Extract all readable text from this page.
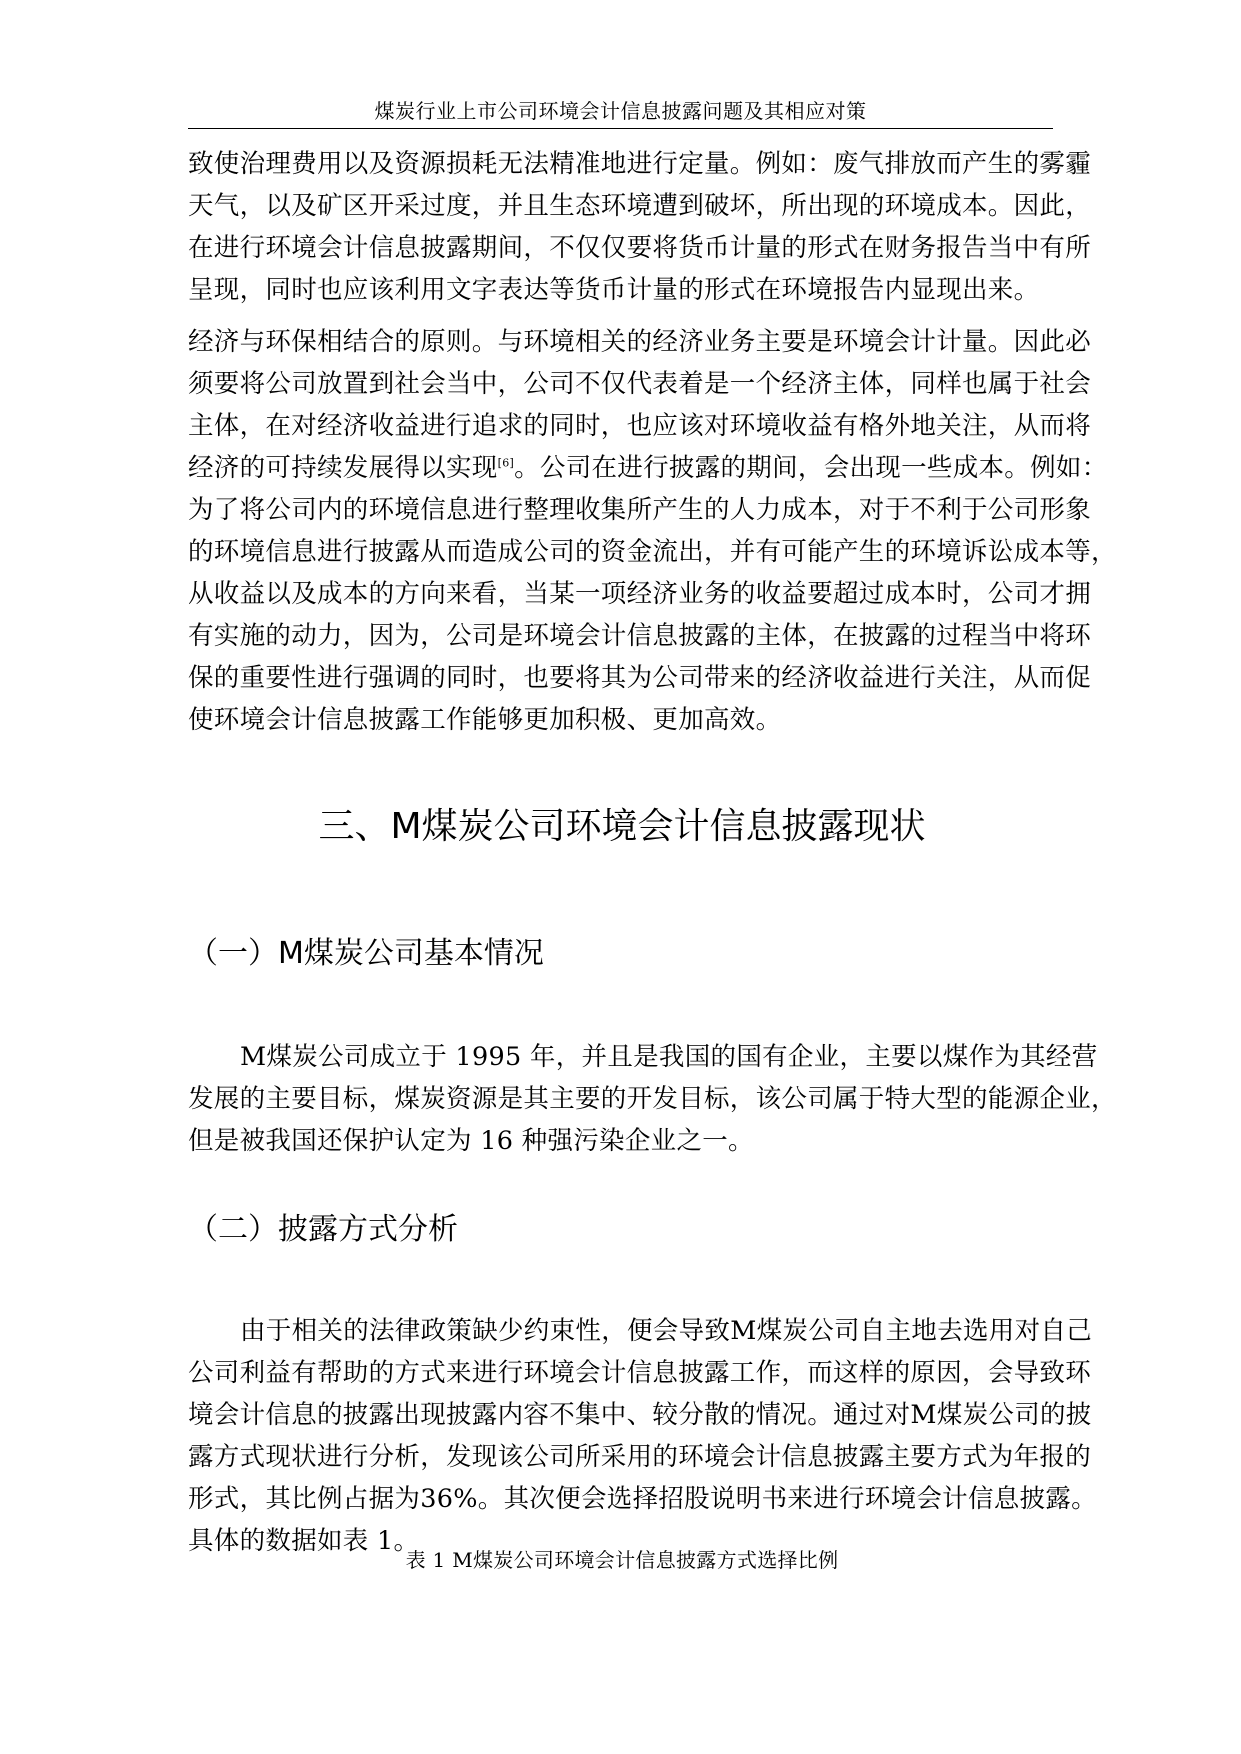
煤炭行业上市公司环境会计信息披露问题及其相应对策
致使治理费用以及资源损耗无法精准地进行定量。例如：废气排放而产生的雾霾
天气，以及矿区开采过度，并且生态环境遭到破坏，所出现的环境成本。因此，
在进行环境会计信息披露期间，不仅仅要将货币计量的形式在财务报告当中有所
呈现，同时也应该利用文字表达等货币计量的形式在环境报告内显现出来。
经济与环保相结合的原则。与环境相关的经济业务主要是环境会计计量。因此必
须要将公司放置到社会当中，公司不仅代表着是一个经济主体，同样也属于社会
主体，在对经济收益进行追求的同时，也应该对环境收益有格外地关注，从而将
经济的可持续发展得以实现[6]。公司在进行披露的期间，会出现一些成本。例如：
为了将公司内的环境信息进行整理收集所产生的人力成本，对于不利于公司形象
的环境信息进行披露从而造成公司的资金流出，并有可能产生的环境诉讼成本等，
从收益以及成本的方向来看，当某一项经济业务的收益要超过成本时，公司才拥
有实施的动力，因为，公司是环境会计信息披露的主体，在披露的过程当中将环
保的重要性进行强调的同时，也要将其为公司带来的经济收益进行关注，从而促
使环境会计信息披露工作能够更加积极、更加高效。
三、M煤炭公司环境会计信息披露现状
（一）M煤炭公司基本情况
M煤炭公司成立于 1995 年，并且是我国的国有企业，主要以煤作为其经营
发展的主要目标，煤炭资源是其主要的开发目标，该公司属于特大型的能源企业，
但是被我国还保护认定为 16 种强污染企业之一。
（二）披露方式分析
由于相关的法律政策缺少约束性，便会导致M煤炭公司自主地去选用对自己
公司利益有帮助的方式来进行环境会计信息披露工作，而这样的原因，会导致环
境会计信息的披露出现披露内容不集中、较分散的情况。通过对M煤炭公司的披
露方式现状进行分析，发现该公司所采用的环境会计信息披露主要方式为年报的
形式，其比例占据为36%。其次便会选择招股说明书来进行环境会计信息披露。
具体的数据如表 1。
表 1 M煤炭公司环境会计信息披露方式选择比例
